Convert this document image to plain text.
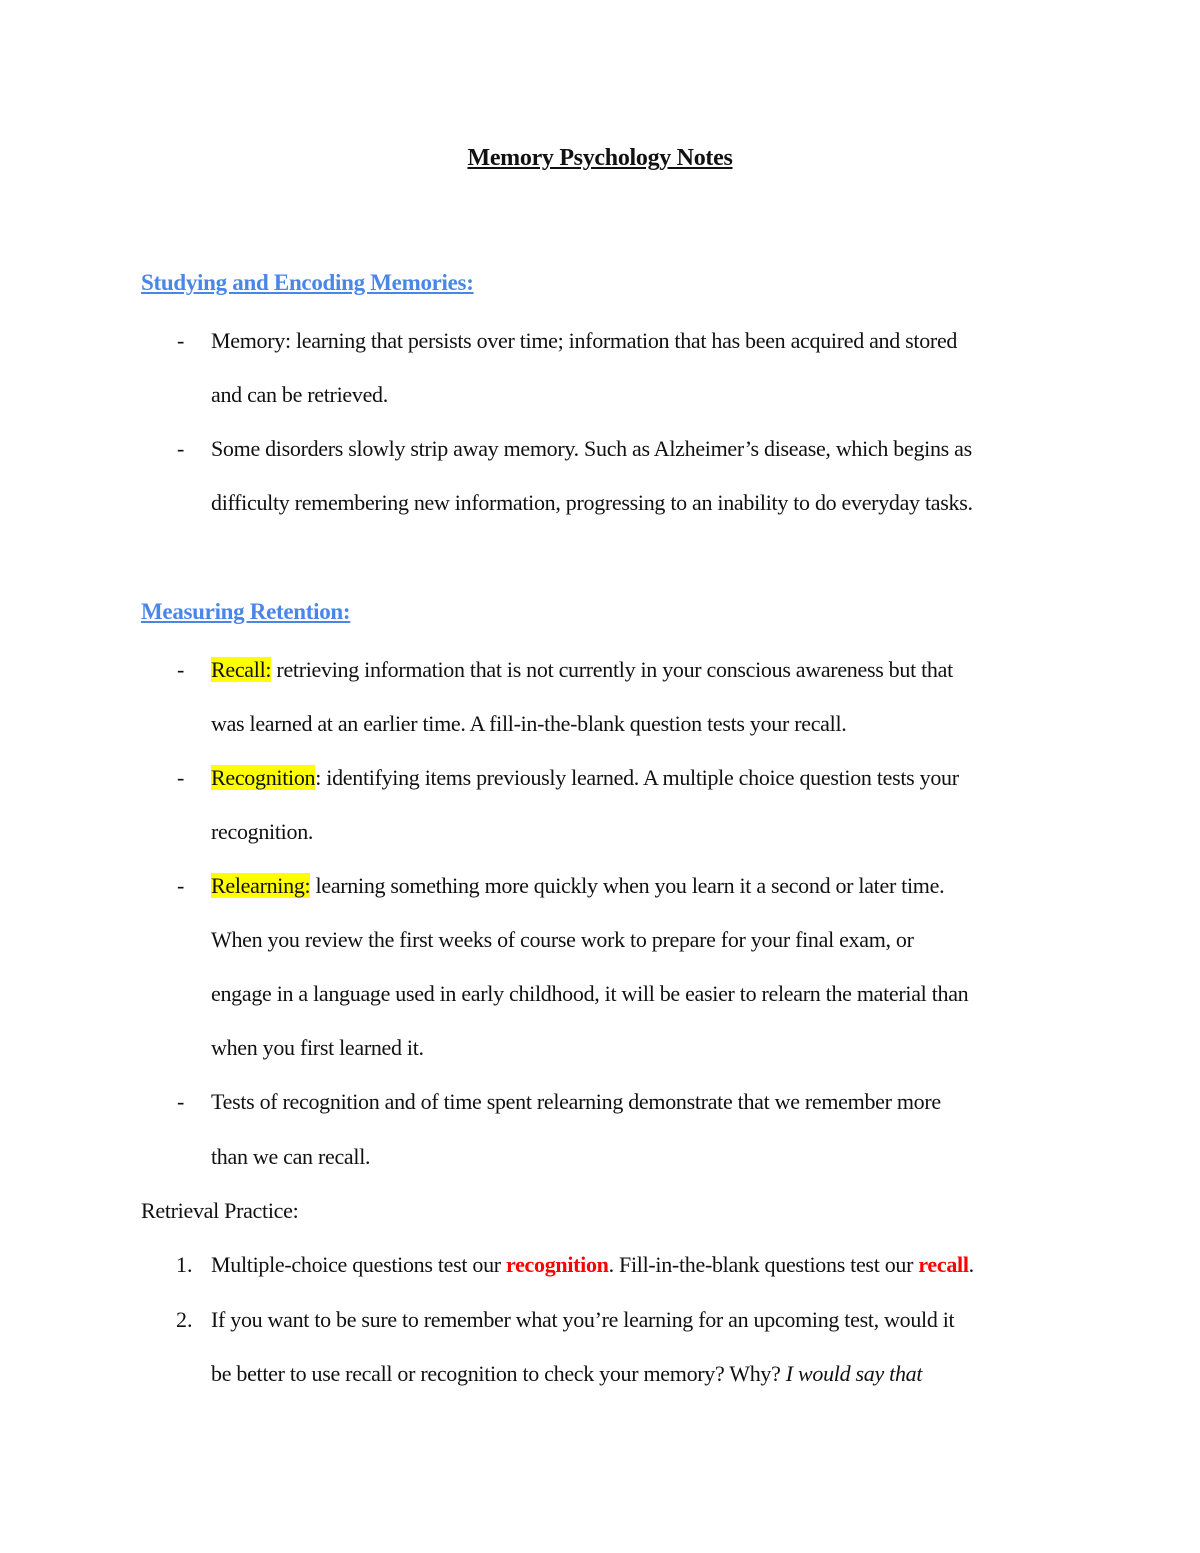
Memory Psychology Notes
Studying and Encoding Memories:
- Memory: learning that persists over time; information that has been acquired and stored
and can be retrieved.
- Some disorders slowly strip away memory. Such as Alzheimer’s disease, which begins as
difficulty remembering new information, progressing to an inability to do everyday tasks.
Measuring Retention:
- Recall: retrieving information that is not currently in your conscious awareness but that
was learned at an earlier time. A fill-in-the-blank question tests your recall.
- Recognition: identifying items previously learned. A multiple choice question tests your
recognition.
- Relearning: learning something more quickly when you learn it a second or later time.
When you review the first weeks of course work to prepare for your final exam, or
engage in a language used in early childhood, it will be easier to relearn the material than
when you first learned it.
- Tests of recognition and of time spent relearning demonstrate that we remember more
than we can recall.
Retrieval Practice:
1. Multiple-choice questions test our recognition. Fill-in-the-blank questions test our recall.
2. If you want to be sure to remember what you’re learning for an upcoming test, would it
be better to use recall or recognition to check your memory? Why? I would say that
